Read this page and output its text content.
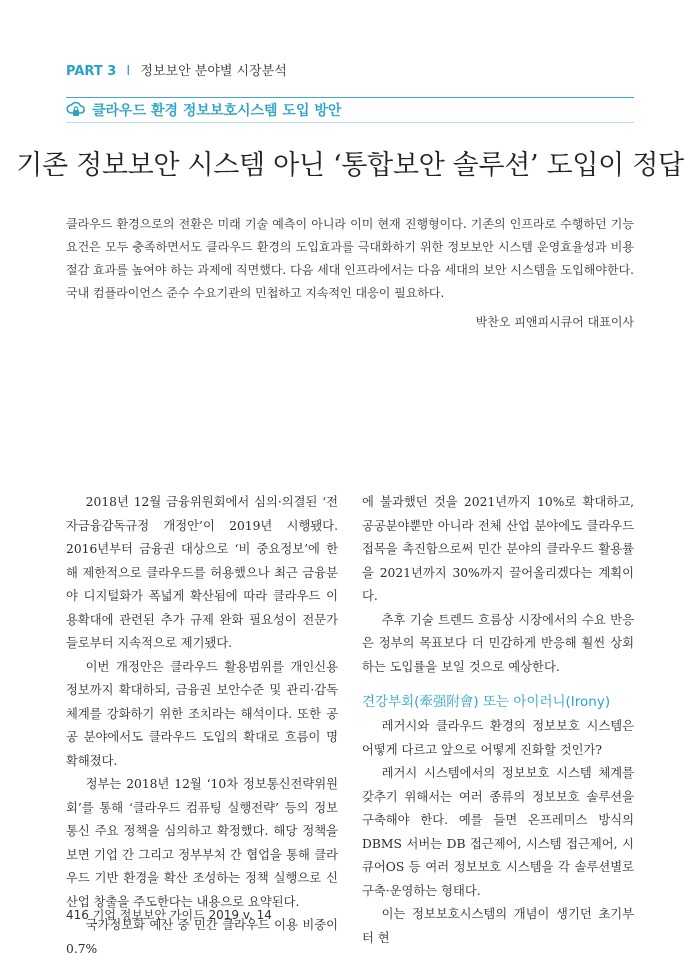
PART 3 I 정보보안 분야별 시장분석
클라우드 환경 정보보호시스템 도입 방안
기존 정보보안 시스템 아닌 ‘통합보안 솔루션’ 도입이 정답
클라우드 환경으로의 전환은 미래 기술 예측이 아니라 이미 현재 진행형이다. 기존의 인프라로 수행하던 기능 요건은 모두 충족하면서도 클라우드 환경의 도입효과를 극대화하기 위한 정보보안 시스템 운영효율성과 비용절감 효과를 높여야 하는 과제에 직면했다. 다음 세대 인프라에서는 다음 세대의 보안 시스템을 도입해야한다. 국내 컴플라이언스 준수 수요기관의 민첩하고 지속적인 대응이 필요하다.
박찬오 피앤피시큐어 대표이사

2018년 12월 금융위원회에서 심의·의결된 ‘전자금융감독규정 개정안’이 2019년 시행됐다. 2016년부터 금융권 대상으로 ‘비 중요정보’에 한해 제한적으로 클라우드를 허용했으나 최근 금융분야 디지털화가 폭넓게 확산됨에 따라 클라우드 이용확대에 관련된 추가 규제 완화 필요성이 전문가들로부터 지속적으로 제기됐다.

이번 개정안은 클라우드 활용범위를 개인신용정보까지 확대하되, 금융권 보안수준 및 관리·감독 체계를 강화하기 위한 조치라는 해석이다. 또한 공공 분야에서도 클라우드 도입의 확대로 흐름이 명확해졌다.

정부는 2018년 12월 ‘10차 정보통신전략위원회’를 통해 ‘클라우드 컴퓨팅 실행전략’ 등의 정보통신 주요 정책을 심의하고 확정했다. 해당 정책을 보면 기업 간 그리고 정부부처 간 협업을 통해 클라우드 기반 환경을 확산 조성하는 정책 실행으로 신산업 창출을 주도한다는 내용으로 요약된다.

국가정보화 예산 중 민간 클라우드 이용 비중이 0.7%

에 불과했던 것을 2021년까지 10%로 확대하고, 공공분야뿐만 아니라 전체 산업 분야에도 클라우드 접목을 촉진함으로써 민간 분야의 클라우드 활용률을 2021년까지 30%까지 끌어올리겠다는 계획이다.

추후 기술 트렌드 흐름상 시장에서의 수요 반응은 정부의 목표보다 더 민감하게 반응해 훨씬 상회하는 도입률을 보일 것으로 예상한다.

견강부회(牽强附會) 또는 아이러니(Irony)

레거시와 클라우드 환경의 정보보호 시스템은 어떻게 다르고 앞으로 어떻게 진화할 것인가?

레거시 시스템에서의 정보보호 시스템 체계를 갖추기 위해서는 여러 종류의 정보보호 솔루션을 구축해야 한다. 예를 들면 온프레미스 방식의 DBMS 서버는 DB 접근제어, 시스템 접근제어, 시큐어OS 등 여러 정보보호 시스템을 각 솔루션별로 구축·운영하는 형태다.

이는 정보보호시스템의 개념이 생기던 초기부터 현

416 기업 정보보안 가이드 2019 v. 14
